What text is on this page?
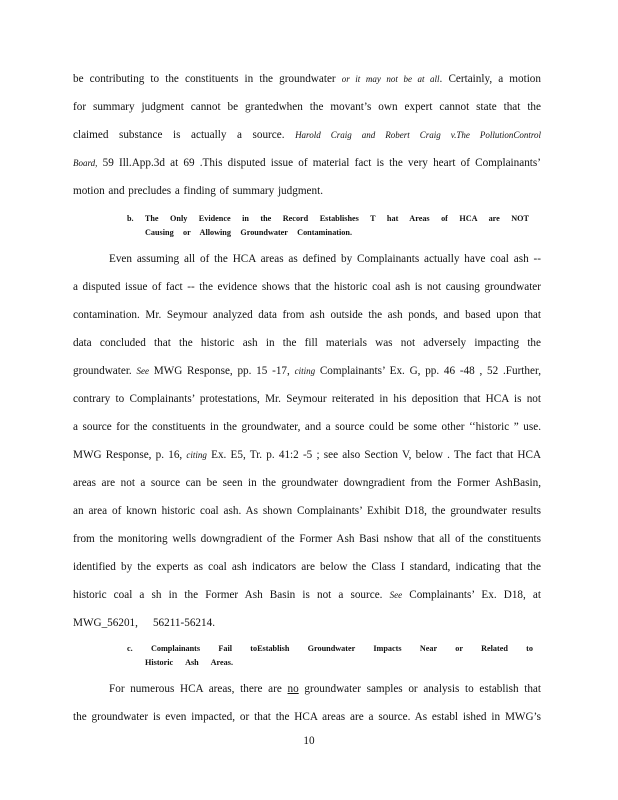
be contributing to the constituents in the groundwater or it may not be at all. Certainly, a motion
for summary judgment cannot be grantedwhen the movant’s own expert cannot state that the
claimed substance is actually a source. Harold Craig and Robert Craig v.The PollutionControl
Board, 59 Ill.App.3d at 69 .This disputed issue of material fact is the very heart of Complainants’
motion and precludes a finding of summary judgment.
b. The Only Evidence in the Record Establishes T hat Areas of HCA are NOT
Causing or Allowing Groundwater Contamination.
Even assuming all of the HCA areas as defined by Complainants actually have coal ash --
a disputed issue of fact -- the evidence shows that the historic coal ash is not causing groundwater
contamination. Mr. Seymour analyzed data from ash outside the ash ponds, and based upon that
data concluded that the historic ash in the fill materials was not adversely impacting the
groundwater. See MWG Response, pp. 15 -17, citing Complainants’ Ex. G, pp. 46 -48 , 52 .Further,
contrary to Complainants’ protestations, Mr. Seymour reiterated in his deposition that HCA is not
a source for the constituents in the groundwater, and a source could be some other ‘‘historic ” use.
MWG Response, p. 16, citing Ex. E5, Tr. p. 41:2 -5 ; see also Section V, below . The fact that HCA
areas are not a source can be seen in the groundwater downgradient from the Former AshBasin,
an area of known historic coal ash. As shown Complainants’ Exhibit D18, the groundwater results
from the monitoring wells downgradient of the Former Ash Basi nshow that all of the constituents
identified by the experts as coal ash indicators are below the Class I standard, indicating that the
historic coal a sh in the Former Ash Basin is not a source. See Complainants’ Ex. D18, at
MWG_56201, 56211-56214.
c. Complainants Fail toEstablish Groundwater Impacts Near or Related to
Historic Ash Areas.
For numerous HCA areas, there are no groundwater samples or analysis to establish that
the groundwater is even impacted, or that the HCA areas are a source. As establ ished in MWG’s
10
